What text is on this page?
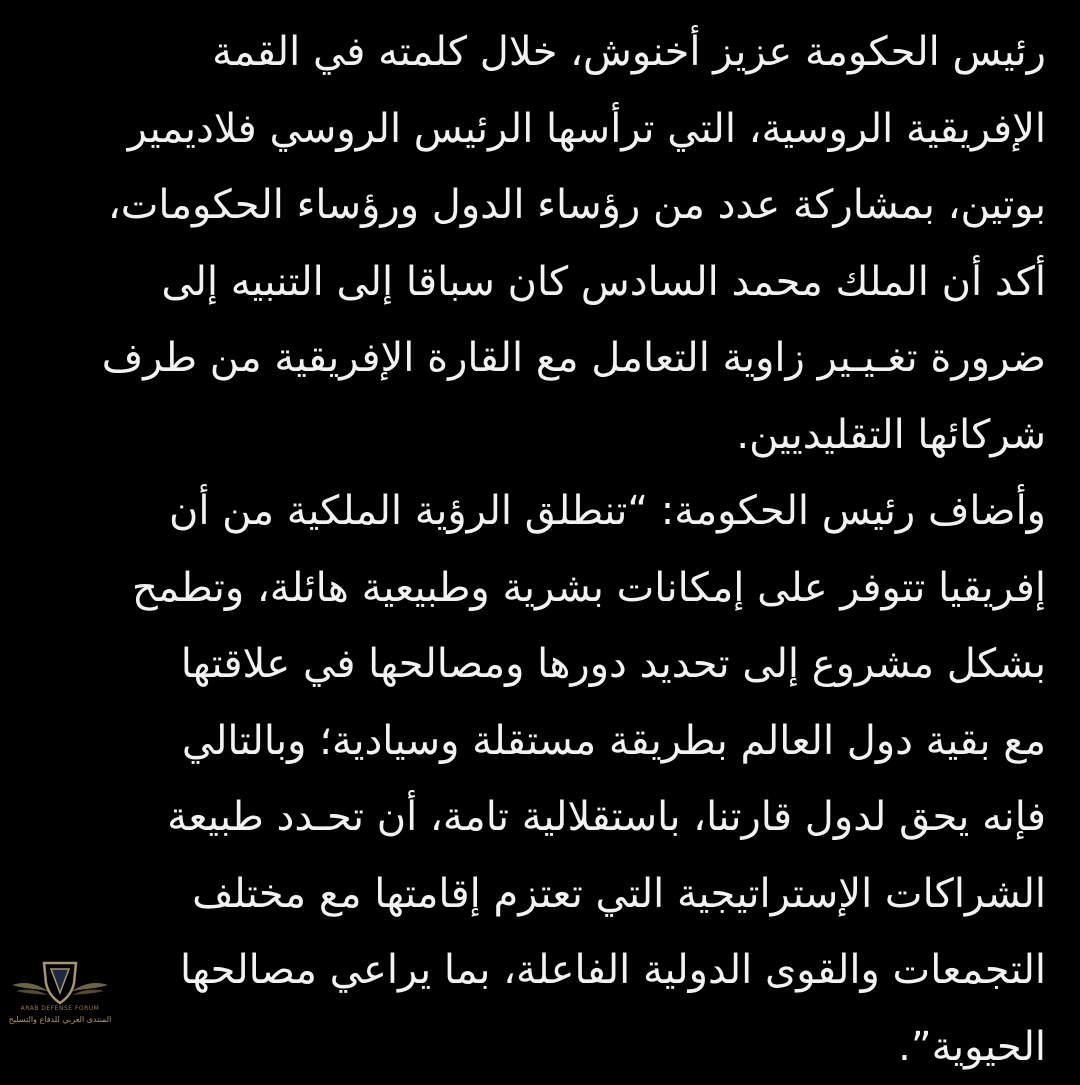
رئيس الحكومة عزيز أخنوش، خلال كلمته في القمة
الإفريقية الروسية، التي ترأسها الرئيس الروسي فلاديمير
بوتين، بمشاركة عدد من رؤساء الدول ورؤساء الحكومات،
أكد أن الملك محمد السادس كان سباقا إلى التنبيه إلى
ضرورة تغـيـير زاوية التعامل مع القارة الإفريقية من طرف
شركائها التقليديين.
وأضاف رئيس الحكومة: “تنطلق الرؤية الملكية من أن
إفريقيا تتوفر على إمكانات بشرية وطبيعية هائلة، وتطمح
بشكل مشروع إلى تحديد دورها ومصالحها في علاقتها
مع بقية دول العالم بطريقة مستقلة وسيادية؛ وبالتالي
فإنه يحق لدول قارتنا، باستقلالية تامة، أن تحـدد طبيعة
الشراكات الإستراتيجية التي تعتزم إقامتها مع مختلف
التجمعات والقوى الدولية الفاعلة، بما يراعي مصالحها
الحيوية”.
ARAB DEFENSE FORUM
المنتدى العربي للدفاع والتسليح
